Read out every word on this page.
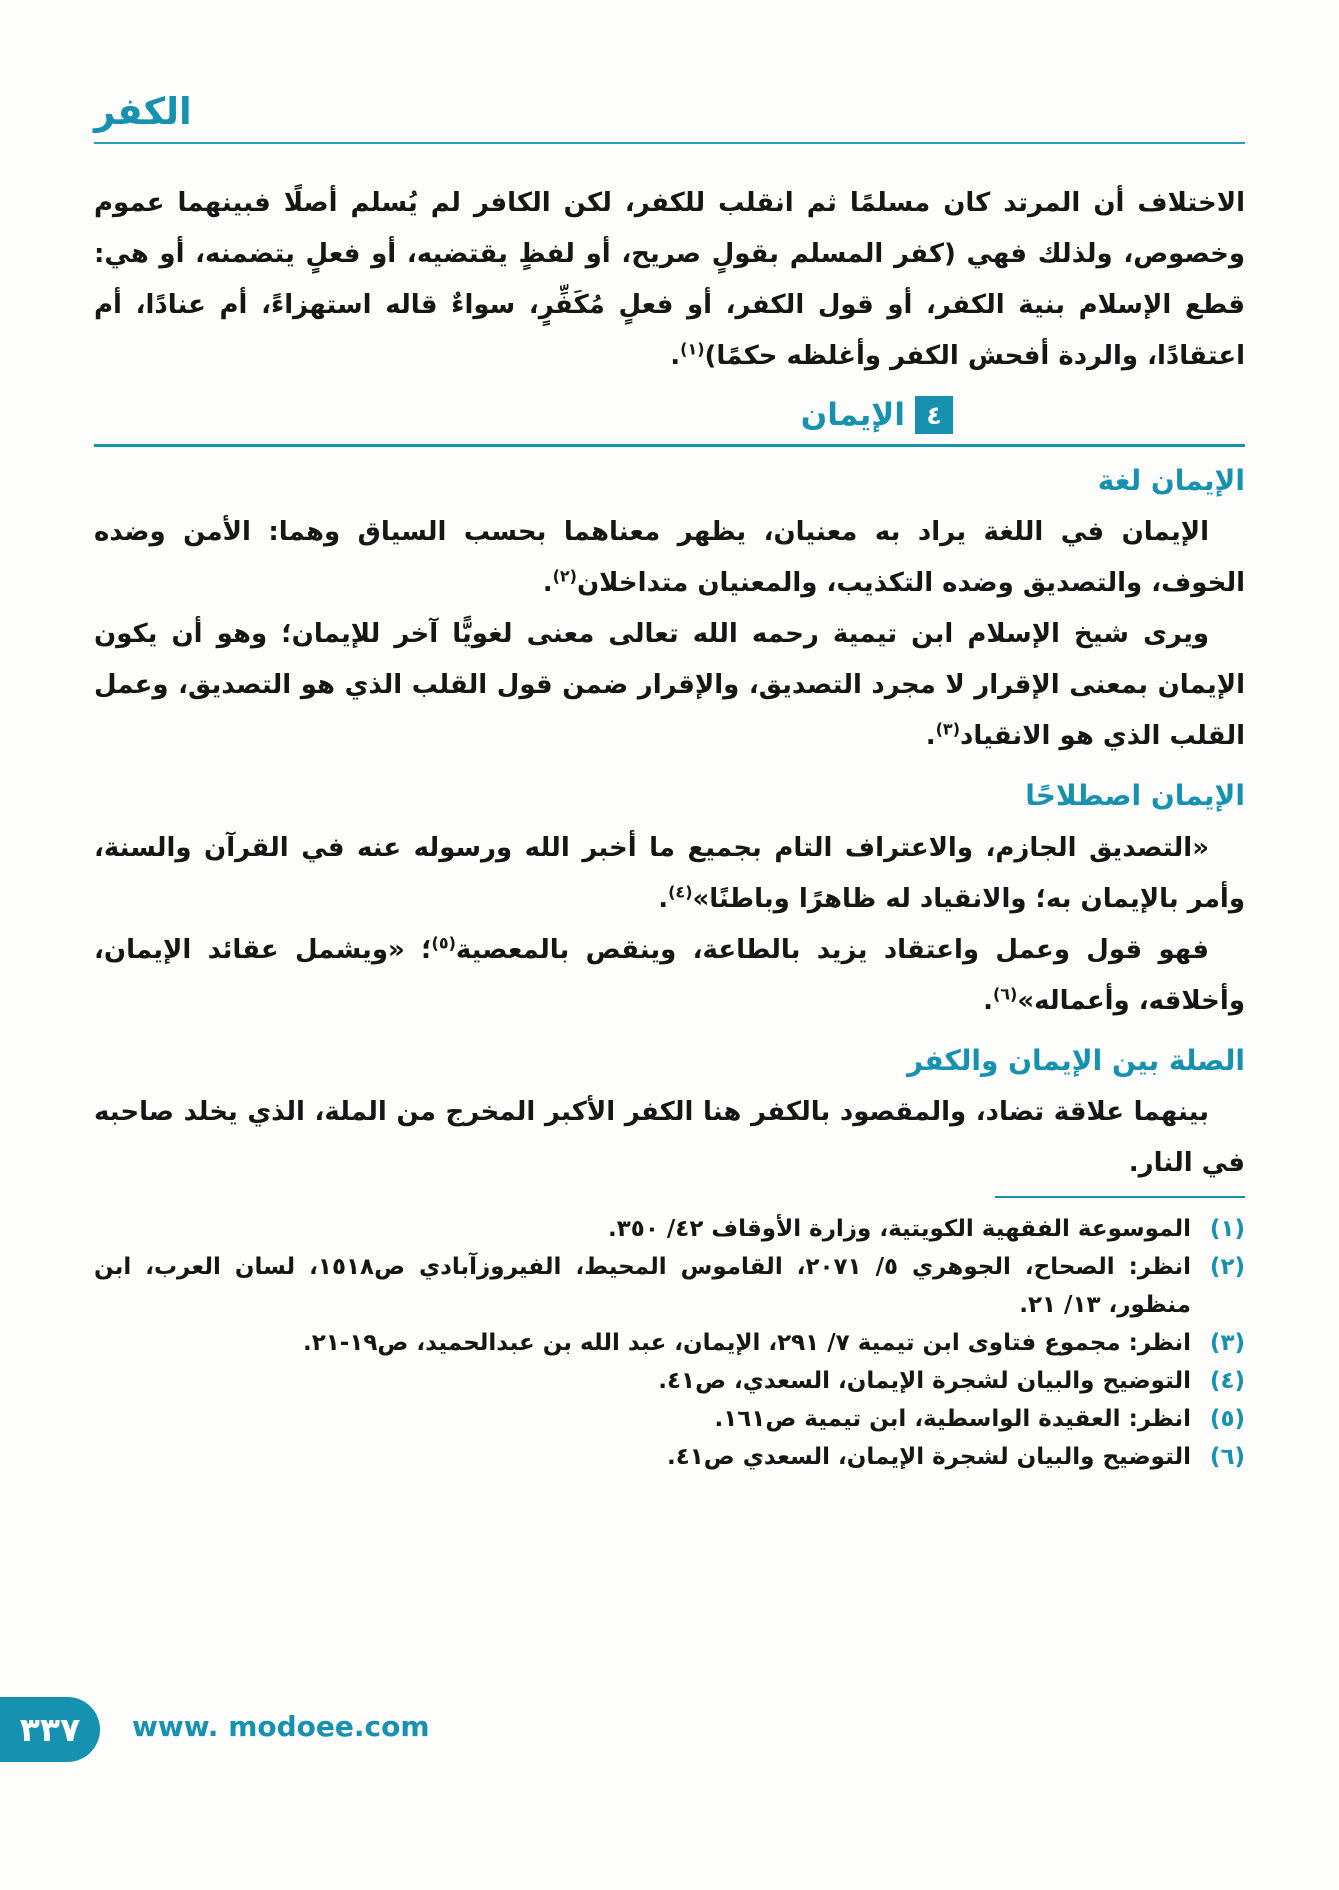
الكفر

الاختلاف أن المرتد كان مسلمًا ثم انقلب للكفر، لكن الكافر لم يُسلم أصلًا فبينهما عموم وخصوص، ولذلك فهي (كفر المسلم بقولٍ صريح، أو لفظٍ يقتضيه، أو فعلٍ يتضمنه، أو هي: قطع الإسلام بنية الكفر، أو قول الكفر، أو فعلٍ مُكَفِّرٍ، سواءٌ قاله استهزاءً، أم عنادًا، أم اعتقادًا، والردة أفحش الكفر وأغلظه حكمًا)$^{(١)}$.

٤
الإيمان
الإيمان لغة

الإيمان في اللغة يراد به معنيان، يظهر معناهما بحسب السياق وهما: الأمن وضده الخوف، والتصديق وضده التكذيب، والمعنيان متداخلان$^{(٢)}$.

ويرى شيخ الإسلام ابن تيمية رحمه الله تعالى معنى لغويًّا آخر للإيمان؛ وهو أن يكون الإيمان بمعنى الإقرار لا مجرد التصديق، والإقرار ضمن قول القلب الذي هو التصديق، وعمل القلب الذي هو الانقياد$^{(٣)}$.

الإيمان اصطلاحًا

«التصديق الجازم، والاعتراف التام بجميع ما أخبر الله ورسوله عنه في القرآن والسنة، وأمر بالإيمان به؛ والانقياد له ظاهرًا وباطنًا»$^{(٤)}$.

فهو قول وعمل واعتقاد يزيد بالطاعة، وينقص بالمعصية$^{(٥)}$؛ «ويشمل عقائد الإيمان، وأخلاقه، وأعماله»$^{(٦)}$.

الصلة بين الإيمان والكفر

بينهما علاقة تضاد، والمقصود بالكفر هنا الكفر الأكبر المخرج من الملة، الذي يخلد صاحبه في النار.

(١)
الموسوعة الفقهية الكويتية، وزارة الأوقاف ٤٢/ ٣٥٠.
(٢)
انظر: الصحاح، الجوهري ٥/ ٢٠٧١، القاموس المحيط، الفيروزآبادي ص١٥١٨، لسان العرب، ابن منظور، ١٣/ ٢١.
(٣)
انظر: مجموع فتاوى ابن تيمية ٧/ ٢٩١، الإيمان، عبد الله بن عبدالحميد، ص١٩-٢١.
(٤)
التوضيح والبيان لشجرة الإيمان، السعدي، ص٤١.
(٥)
انظر: العقيدة الواسطية، ابن تيمية ص١٦١.
(٦)
التوضيح والبيان لشجرة الإيمان، السعدي ص٤١.
٣٣٧ www. modoee.com
